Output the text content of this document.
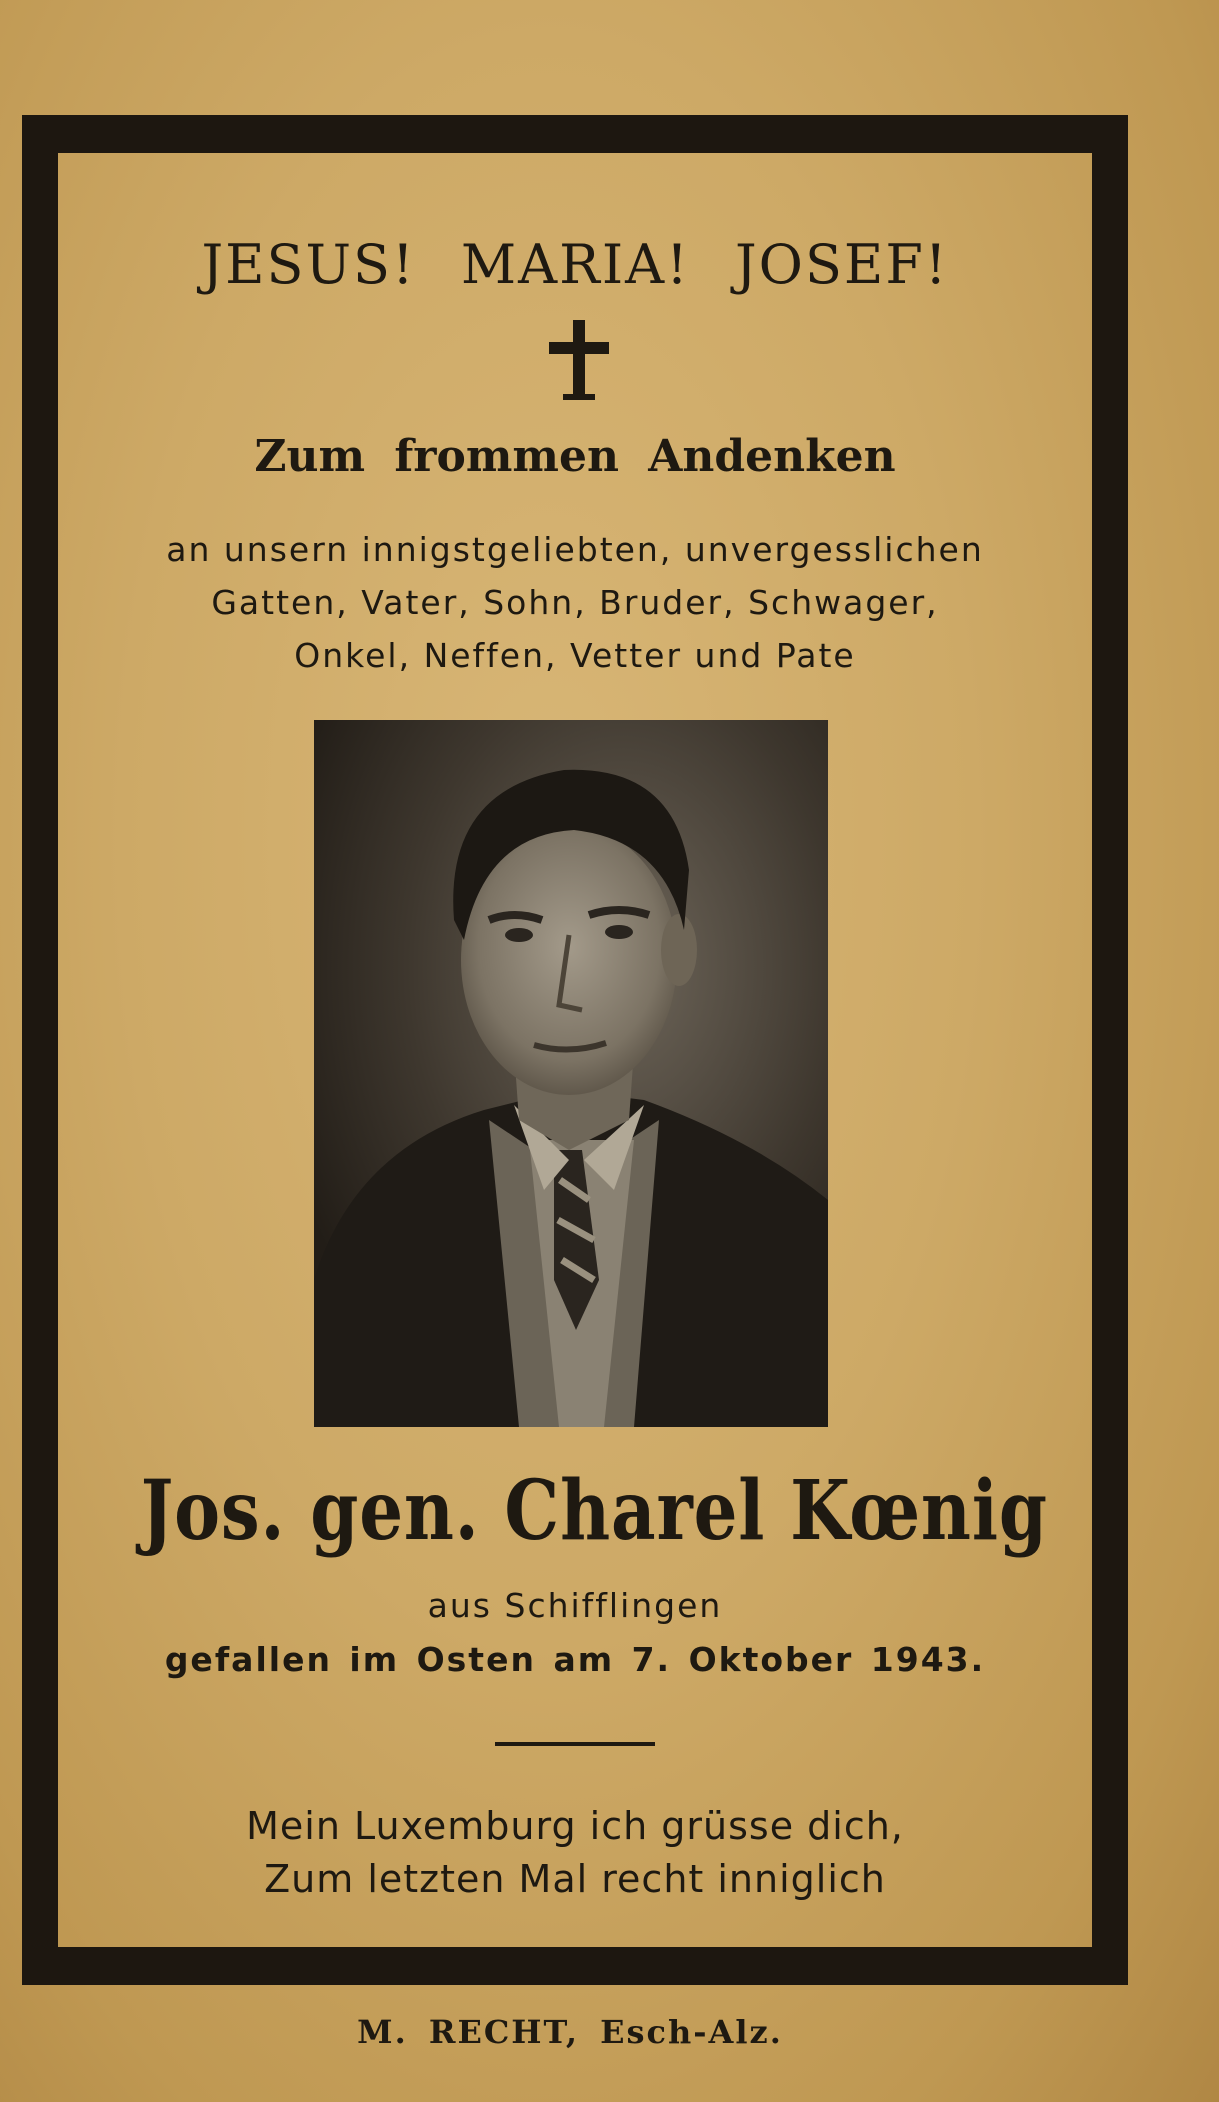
JESUS! MARIA! JOSEF!
Zum frommen Andenken
an unsern innigstgeliebten, unvergesslichen
Gatten, Vater, Sohn, Bruder, Schwager,
Onkel, Neffen, Vetter und Pate
Jos. gen. Charel Kœnig
aus Schifflingen
gefallen im Osten am 7. Oktober 1943.
Mein Luxemburg ich grüsse dich,
Zum letzten Mal recht inniglich
M. RECHT, Esch-Alz.
